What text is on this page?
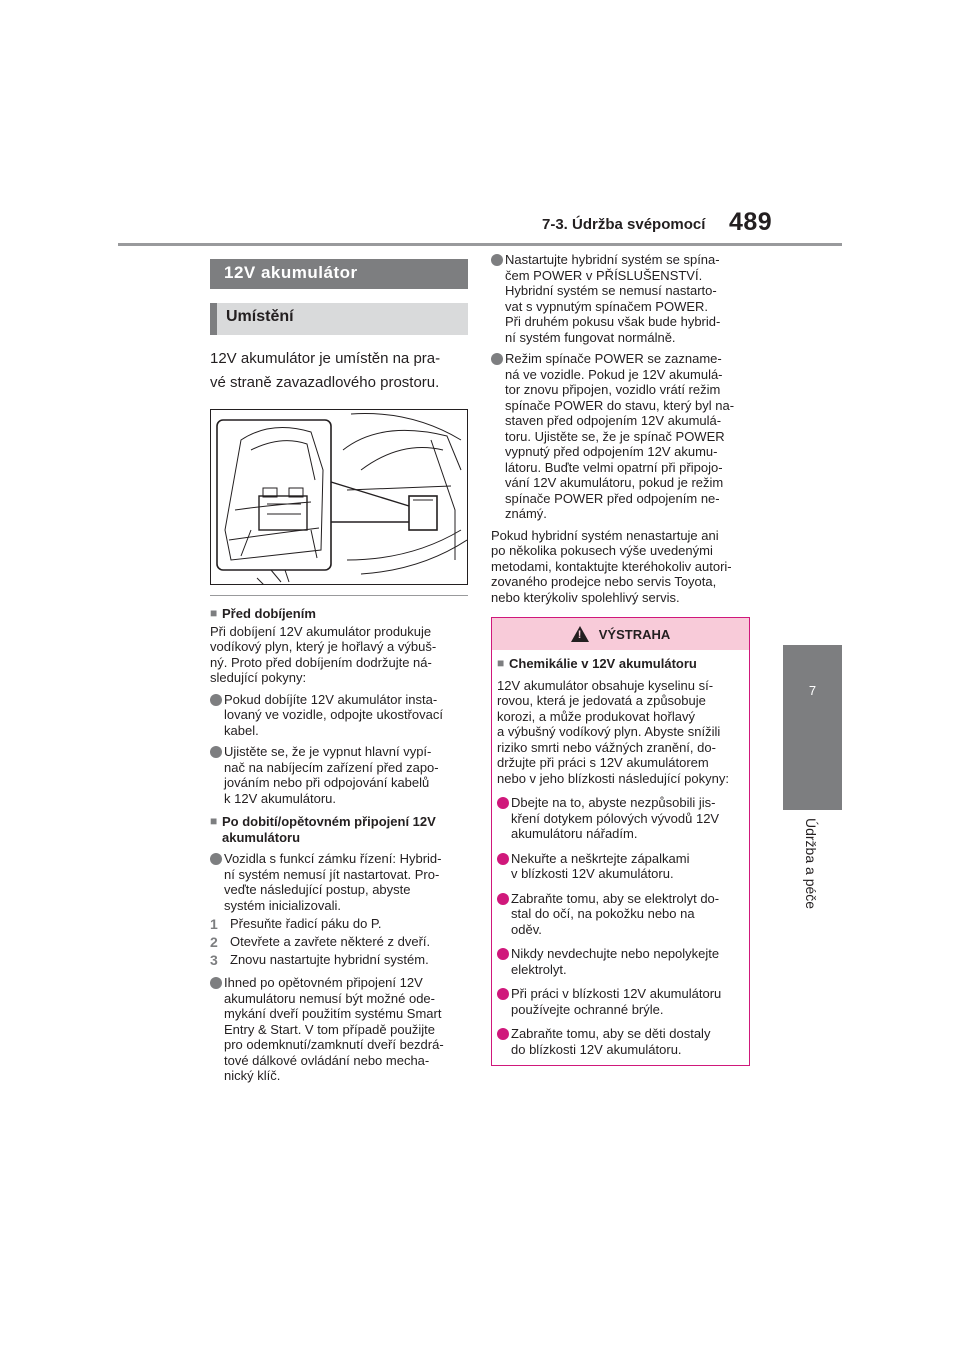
7-3. Údržba svépomocí 489
7
Údržba a péče
12V akumulátor
Umístění
12V akumulátor je umístěn na pra-
vé straně zavazadlového prostoru.
■ Před dobíjením
Při dobíjení 12V akumulátor produkuje
vodíkový plyn, který je hořlavý a výbuš-
ný. Proto před dobíjením dodržujte ná-
sledující pokyny:
Pokud dobíjíte 12V akumulátor insta-
lovaný ve vozidle, odpojte ukostřovací
kabel.
Ujistěte se, že je vypnut hlavní vypí-
nač na nabíjecím zařízení před zapo-
jováním nebo při odpojování kabelů
k 12V akumulátoru.
■ Po dobití/opětovném připojení 12V
akumulátoru
Vozidla s funkcí zámku řízení: Hybrid-
ní systém nemusí jít nastartovat. Pro-
veďte následující postup, abyste
systém inicializovali.
1 Přesuňte řadicí páku do P.
2 Otevřete a zavřete některé z dveří.
3 Znovu nastartujte hybridní systém.
Ihned po opětovném připojení 12V
akumulátoru nemusí být možné ode-
mykání dveří použitím systému Smart
Entry & Start. V tom případě použijte
pro odemknutí/zamknutí dveří bezdrá-
tové dálkové ovládání nebo mecha-
nický klíč.
Nastartujte hybridní systém se spína-
čem POWER v PŘÍSLUŠENSTVÍ.
Hybridní systém se nemusí nastarto-
vat s vypnutým spínačem POWER.
Při druhém pokusu však bude hybrid-
ní systém fungovat normálně.
Režim spínače POWER se zazname-
ná ve vozidle. Pokud je 12V akumulá-
tor znovu připojen, vozidlo vrátí režim
spínače POWER do stavu, který byl na-
staven před odpojením 12V akumulá-
toru. Ujistěte se, že je spínač POWER
vypnutý před odpojením 12V akumu-
látoru. Buďte velmi opatrní při připojo-
vání 12V akumulátoru, pokud je režim
spínače POWER před odpojením ne-
známý.
Pokud hybridní systém nenastartuje ani
po několika pokusech výše uvedenými
metodami, kontaktujte kteréhokoliv autori-
zovaného prodejce nebo servis Toyota,
nebo kterýkoliv spolehlivý servis.
!
VÝSTRAHA
■ Chemikálie v 12V akumulátoru
12V akumulátor obsahuje kyselinu sí-
rovou, která je jedovatá a způsobuje
korozi, a může produkovat hořlavý
a výbušný vodíkový plyn. Abyste snížili
riziko smrti nebo vážných zranění, do-
držujte při práci s 12V akumulátorem
nebo v jeho blízkosti následující pokyny:
Dbejte na to, abyste nezpůsobili jis-
kření dotykem pólových vývodů 12V
akumulátoru nářadím.
Nekuřte a neškrtejte zápalkami
v blízkosti 12V akumulátoru.
Zabraňte tomu, aby se elektrolyt do-
stal do očí, na pokožku nebo na
oděv.
Nikdy nevdechujte nebo nepolykejte
elektrolyt.
Při práci v blízkosti 12V akumulátoru
používejte ochranné brýle.
Zabraňte tomu, aby se děti dostaly
do blízkosti 12V akumulátoru.
